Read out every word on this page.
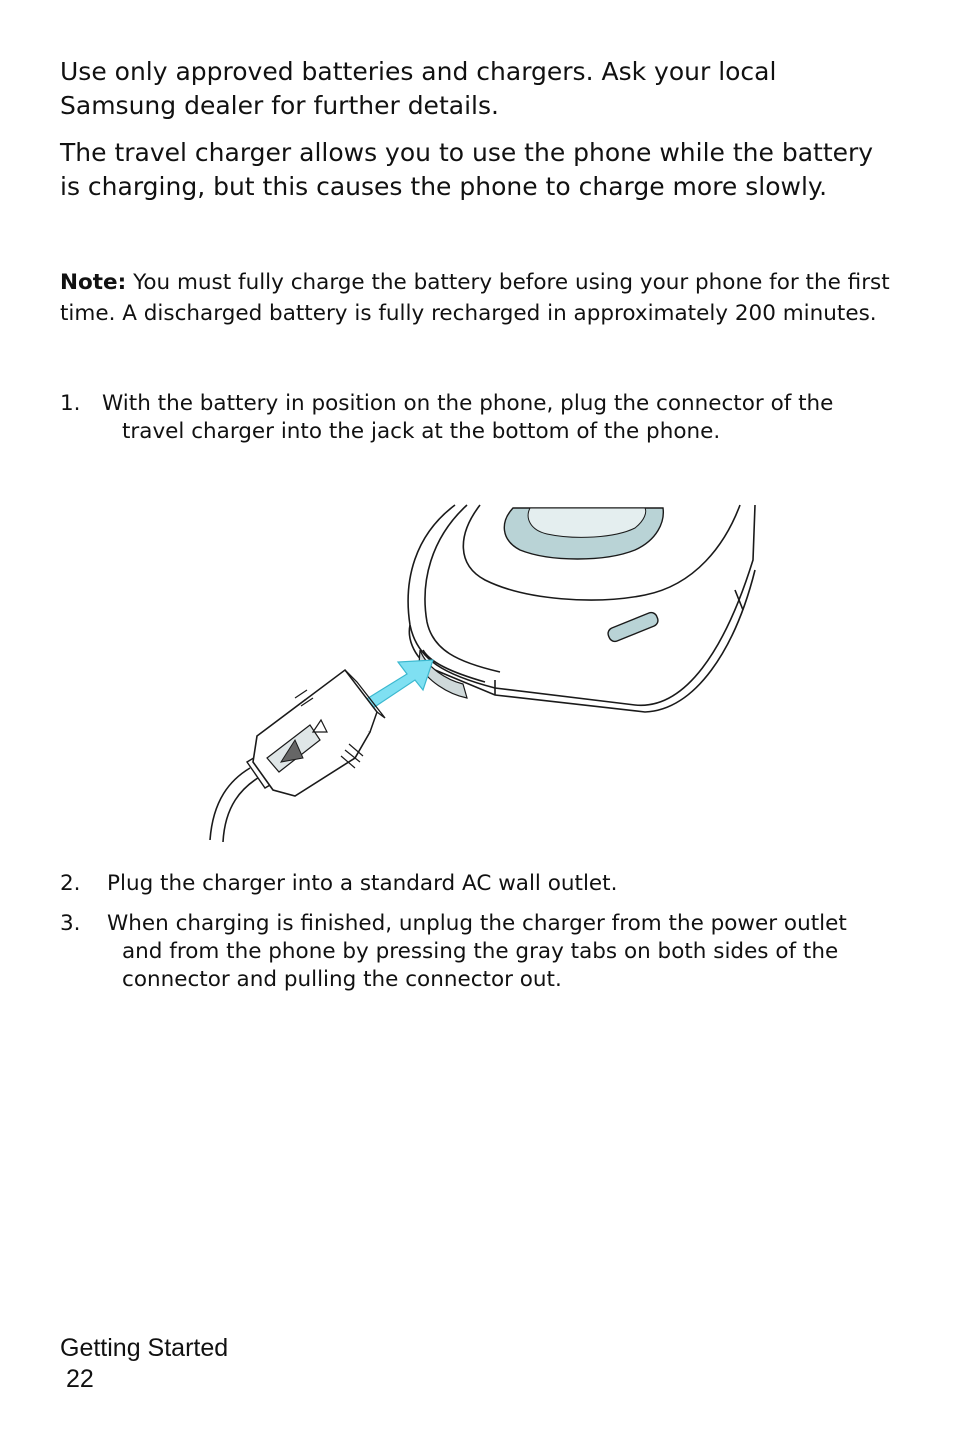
Use only approved batteries and chargers. Ask your local Samsung dealer for further details.

The travel charger allows you to use the phone while the battery is charging, but this causes the phone to charge more slowly.

Note: You must fully charge the battery before using your phone for the first time. A discharged battery is fully recharged in approximately 200 minutes.

1. With the battery in position on the phone, plug the connector of the travel charger into the jack at the bottom of the phone.
2.	Plug the charger into a standard AC wall outlet.
3.	When charging is finished, unplug the charger from the power outlet and from the phone by pressing the gray tabs on both sides of the connector and pulling the connector out.
Getting Started
22
